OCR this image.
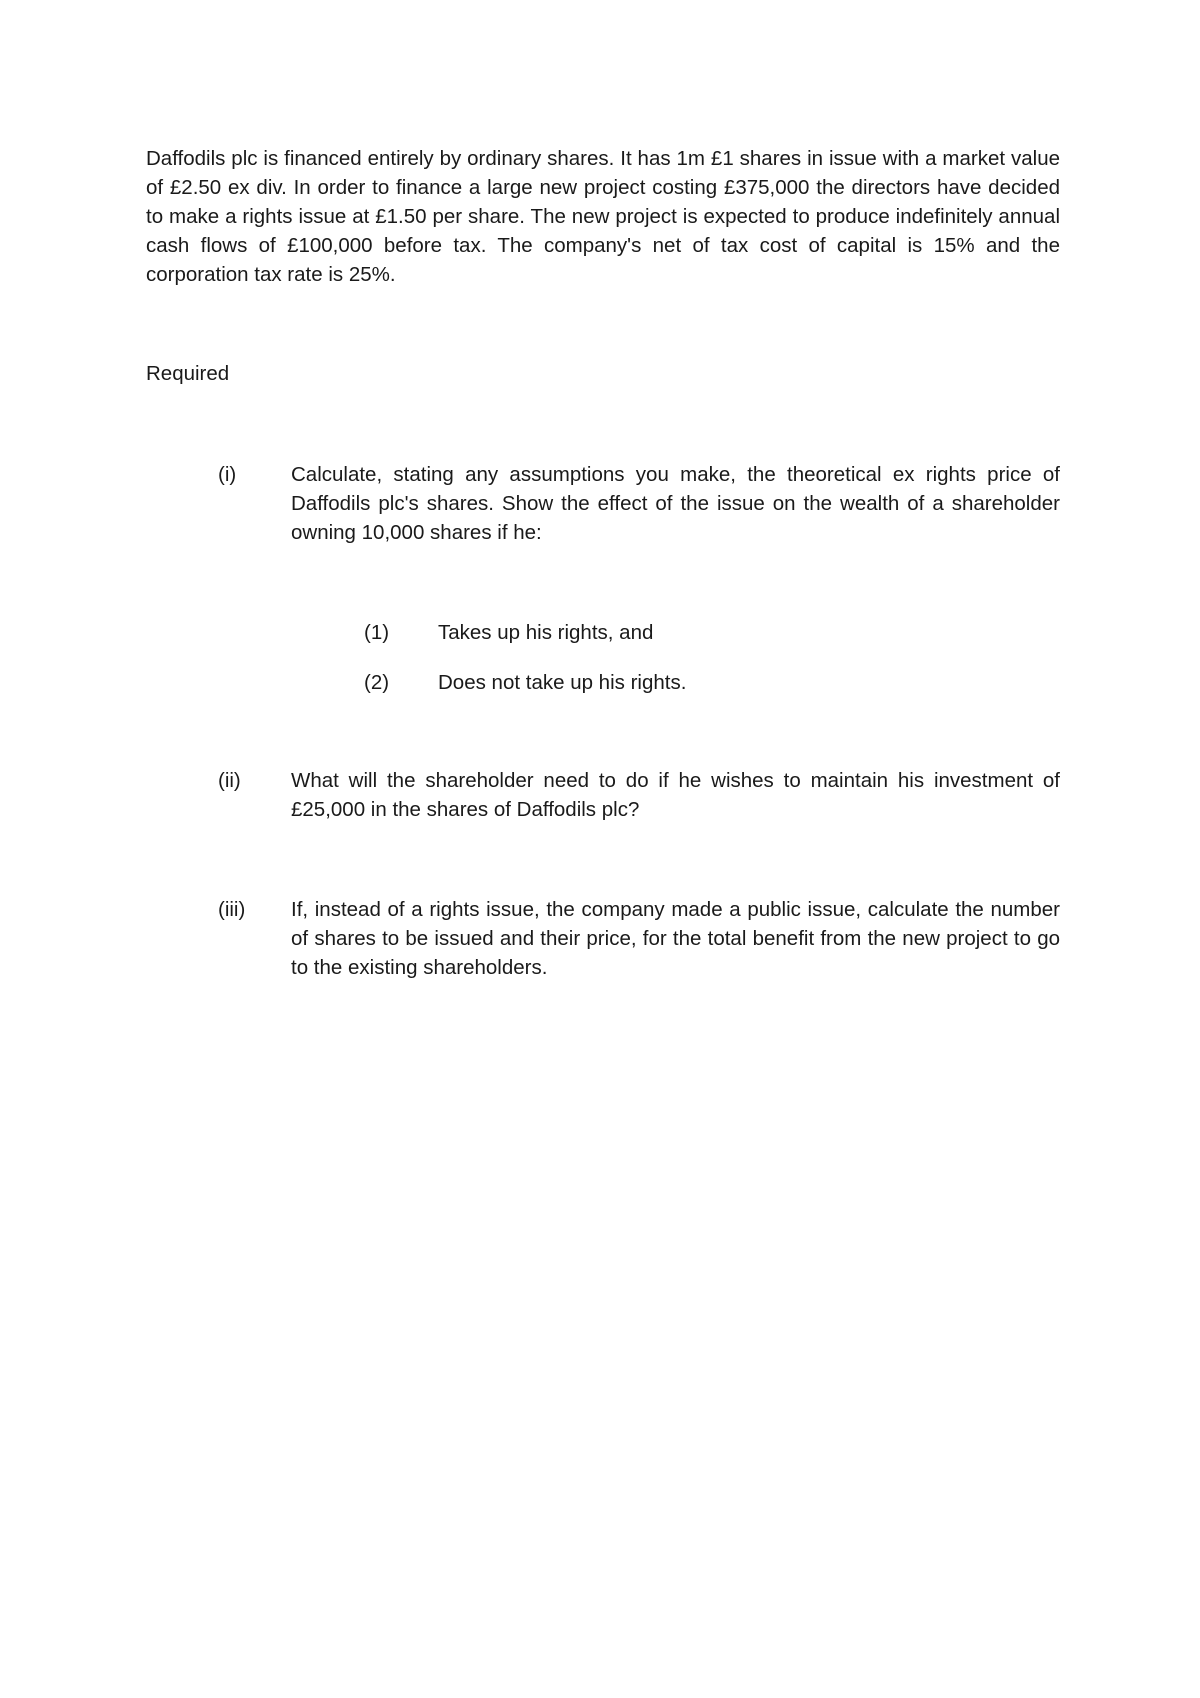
Daffodils plc is financed entirely by ordinary shares. It has 1m £1 shares in issue with a market value of £2.50 ex div. In order to finance a large new project costing £375,000 the directors have decided to make a rights issue at £1.50 per share. The new project is expected to produce indefinitely annual cash flows of £100,000 before tax. The company's net of tax cost of capital is 15% and the corporation tax rate is 25%.

Required

(i)	Calculate, stating any assumptions you make, the theoretical ex rights price of Daffodils plc's shares. Show the effect of the issue on the wealth of a shareholder owning 10,000 shares if he:

(1) Takes up his rights, and
(2) Does not take up his rights.
(ii) What will the shareholder need to do if he wishes to maintain his investment of £25,000 in the shares of Daffodils plc?

(iii) If, instead of a rights issue, the company made a public issue, calculate the number of shares to be issued and their price, for the total benefit from the new project to go to the existing shareholders.
